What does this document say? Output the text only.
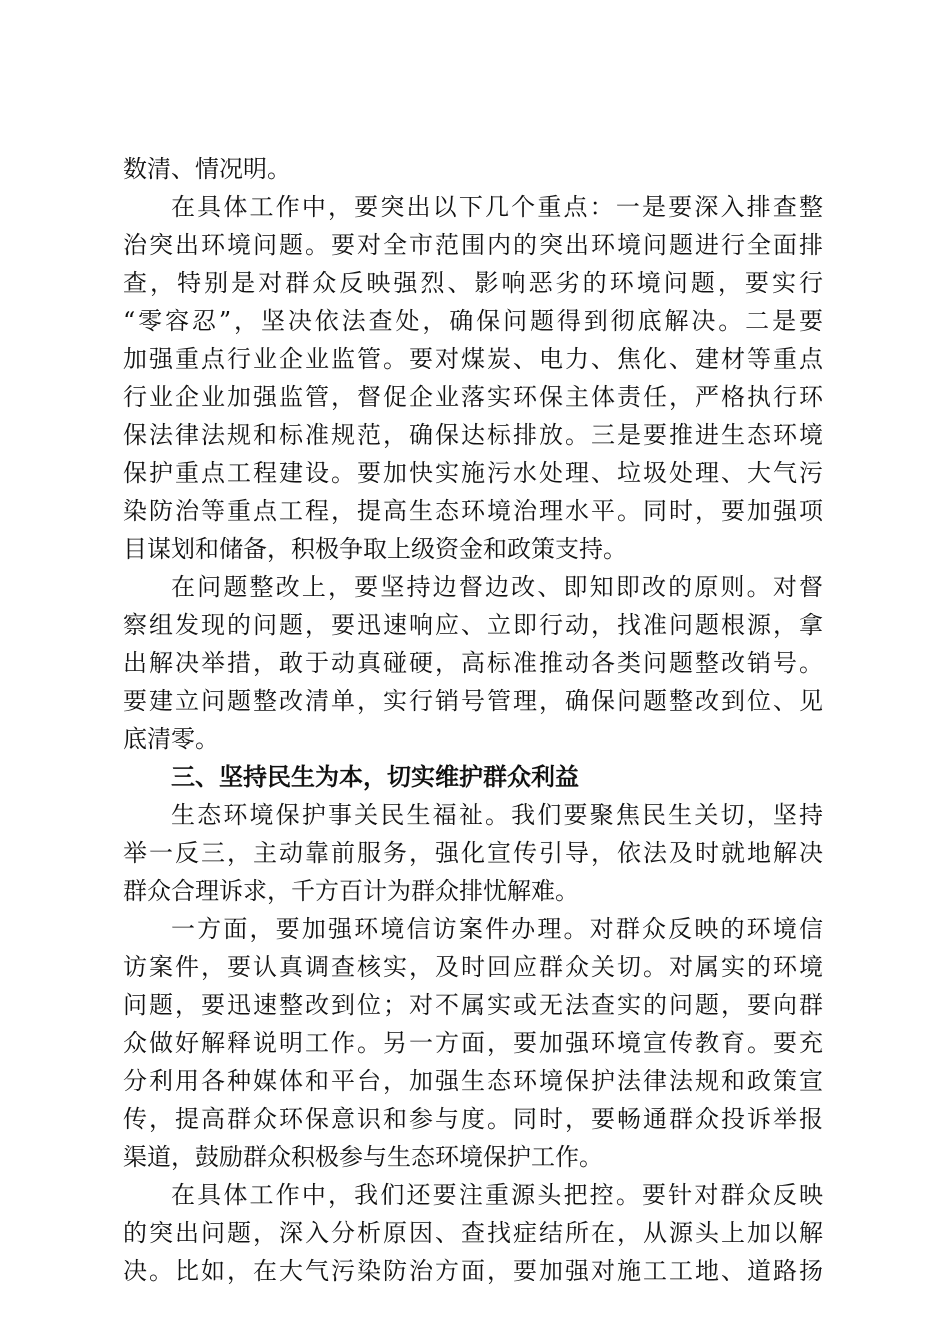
数清、情况明。
在具体工作中，要突出以下几个重点：一是要深入排查整
治突出环境问题。要对全市范围内的突出环境问题进行全面排
查，特别是对群众反映强烈、影响恶劣的环境问题，要实行
“零容忍”，坚决依法查处，确保问题得到彻底解决。二是要
加强重点行业企业监管。要对煤炭、电力、焦化、建材等重点
行业企业加强监管，督促企业落实环保主体责任，严格执行环
保法律法规和标准规范，确保达标排放。三是要推进生态环境
保护重点工程建设。要加快实施污水处理、垃圾处理、大气污
染防治等重点工程，提高生态环境治理水平。同时，要加强项
目谋划和储备，积极争取上级资金和政策支持。
在问题整改上，要坚持边督边改、即知即改的原则。对督
察组发现的问题，要迅速响应、立即行动，找准问题根源，拿
出解决举措，敢于动真碰硬，高标准推动各类问题整改销号。
要建立问题整改清单，实行销号管理，确保问题整改到位、见
底清零。
三、坚持民生为本，切实维护群众利益
生态环境保护事关民生福祉。我们要聚焦民生关切，坚持
举一反三，主动靠前服务，强化宣传引导，依法及时就地解决
群众合理诉求，千方百计为群众排忧解难。
一方面，要加强环境信访案件办理。对群众反映的环境信
访案件，要认真调查核实，及时回应群众关切。对属实的环境
问题，要迅速整改到位；对不属实或无法查实的问题，要向群
众做好解释说明工作。另一方面，要加强环境宣传教育。要充
分利用各种媒体和平台，加强生态环境保护法律法规和政策宣
传，提高群众环保意识和参与度。同时，要畅通群众投诉举报
渠道，鼓励群众积极参与生态环境保护工作。
在具体工作中，我们还要注重源头把控。要针对群众反映
的突出问题，深入分析原因、查找症结所在，从源头上加以解
决。比如，在大气污染防治方面，要加强对施工工地、道路扬
